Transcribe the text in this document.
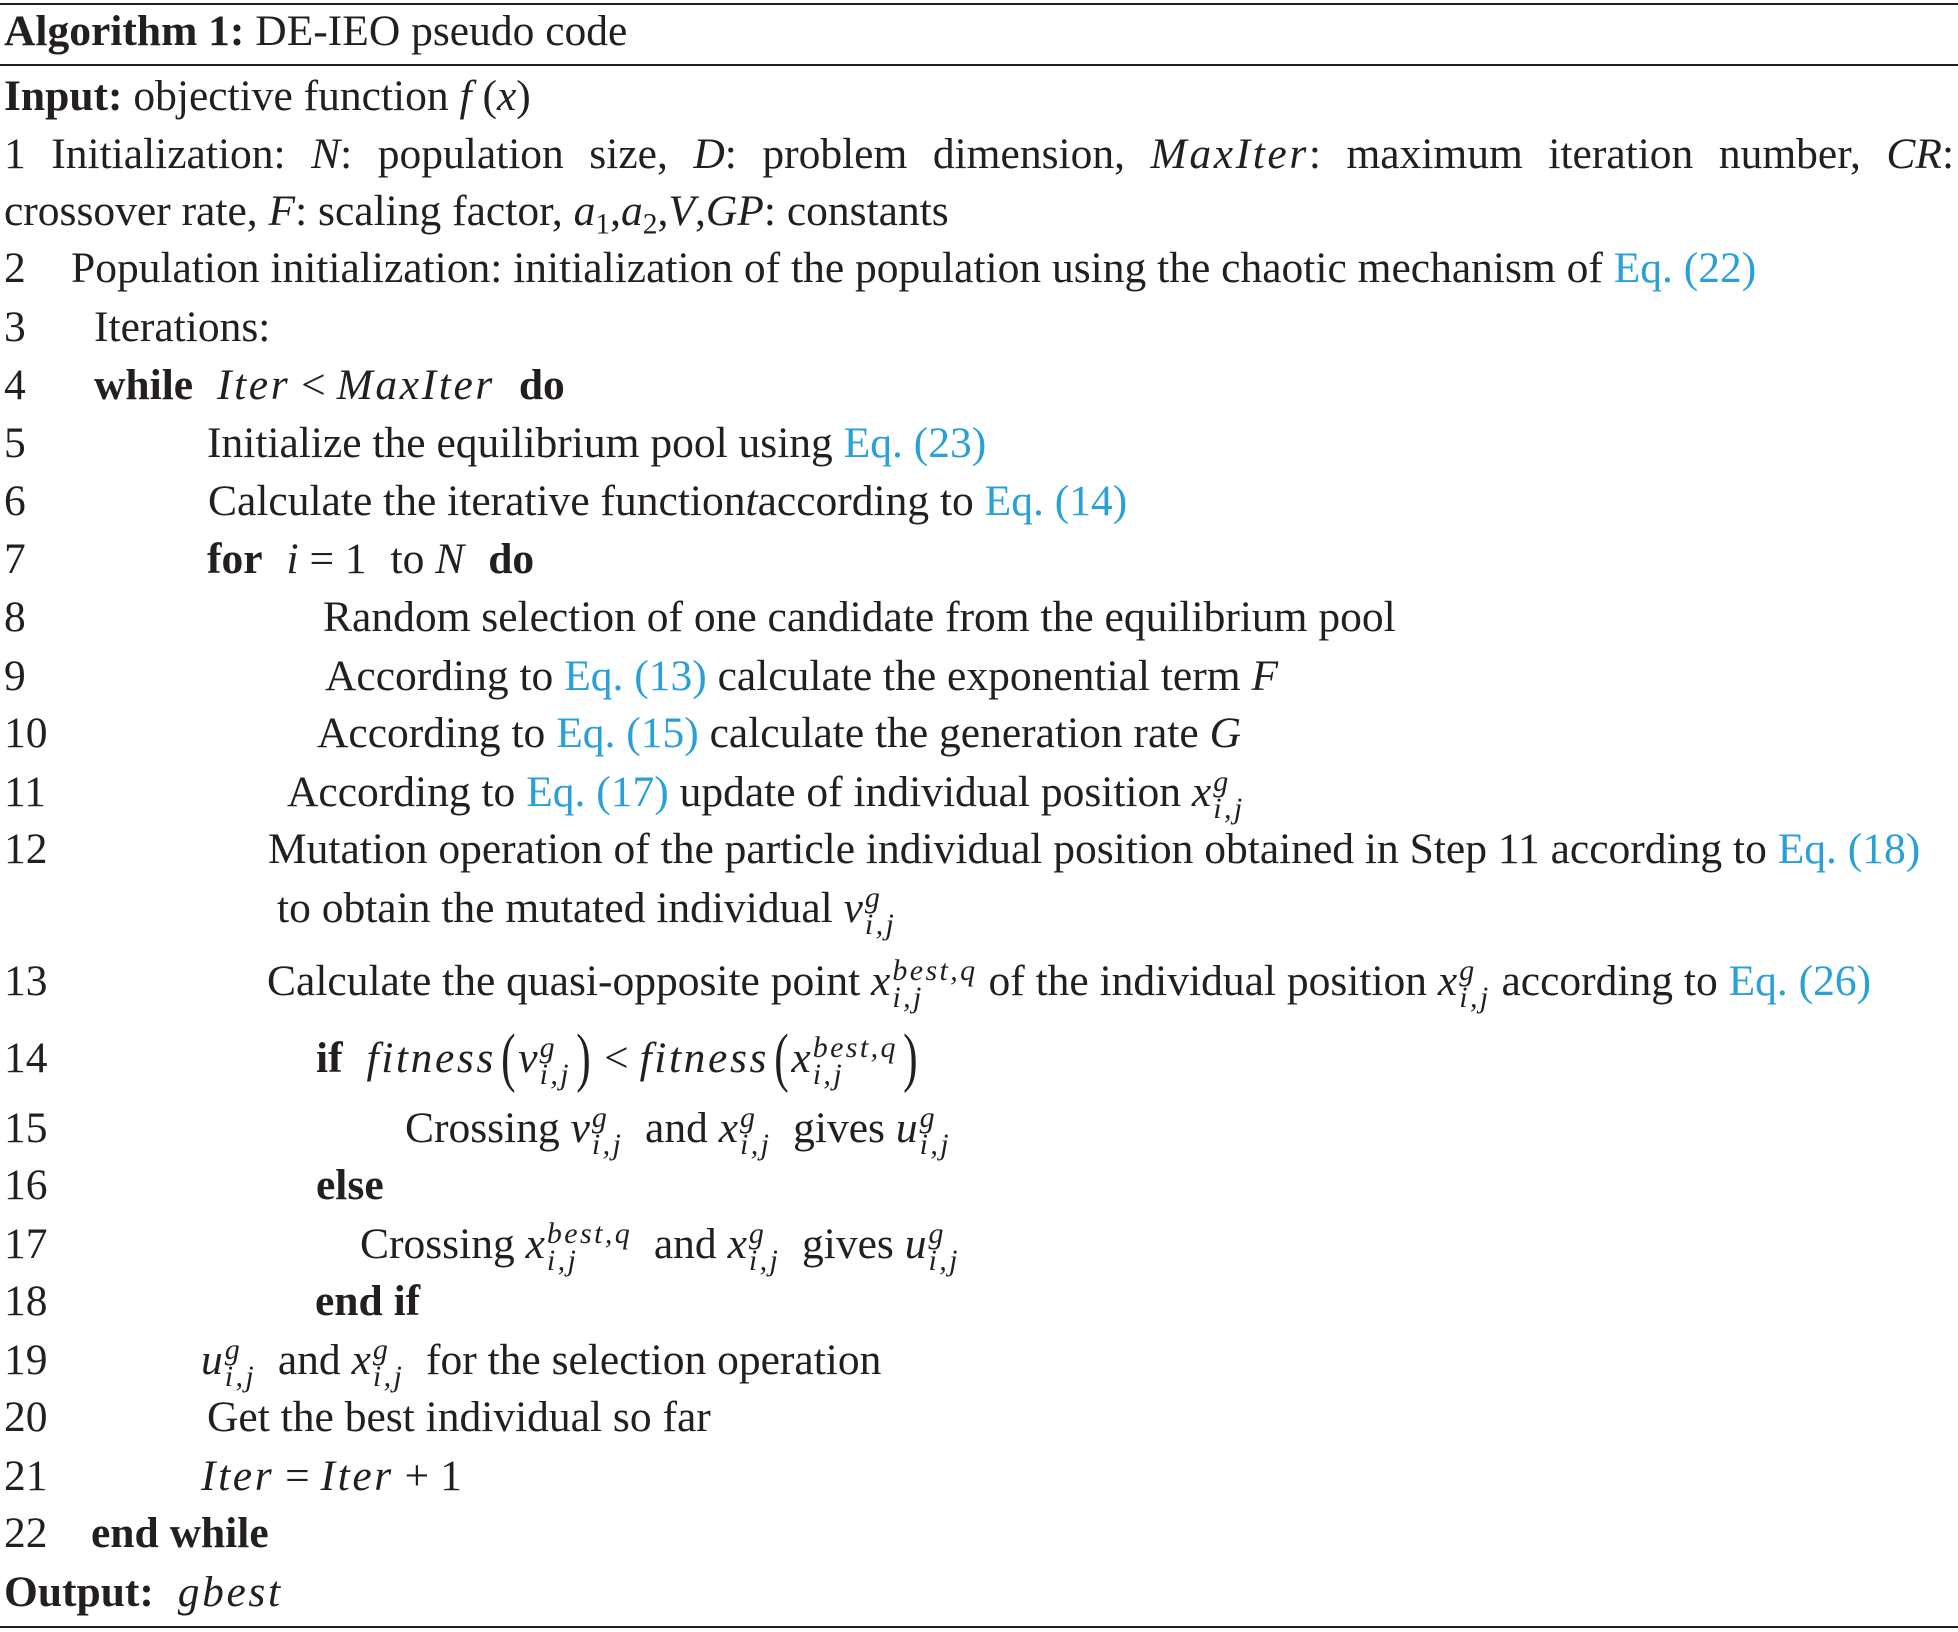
Algorithm 1: DE-IEO pseudo code
Input: objective function f (x)
1 Initialization: N: population size, D: problem dimension, MaxIter: maximum iteration number, CR:
crossover rate, F: scaling factor, a1,a2,V,GP: constants
2 Population initialization: initialization of the population using the chaotic mechanism of Eq. (22)
3 Iterations:
4 while Iter < MaxIter do
5	Initialize the equilibrium pool using Eq. (23)
6	Calculate the iterative functiontaccording to Eq. (14)
7	for i = 1 to N do
8	Random selection of one candidate from the equilibrium pool
9	According to Eq. (13) calculate the exponential term F
10	According to Eq. (15) calculate the generation rate G
11	According to Eq. (17) update of individual position x g
i,j
12	Mutation operation of the particle individual position obtained in Step 11 according to Eq. (18)
to obtain the mutated individual v g
i,j
13	Calculate the quasi-opposite point x best,q
i,j	of the individual position x g
i,j according to Eq. (26)
14	if fitness (v g
i,j ) < fitness (x best,q
i,j	)
15	Crossing v g
i,j and x g
i,j gives u g
i,j
16	else
17	Crossing x best,q
i,j	and x g
i,j gives u g
i,j
18	end if
19	u g
i,j and x g
i,j for the selection operation
20	Get the best individual so far
21	Iter = Iter + 1
22 end while
Output: gbest
